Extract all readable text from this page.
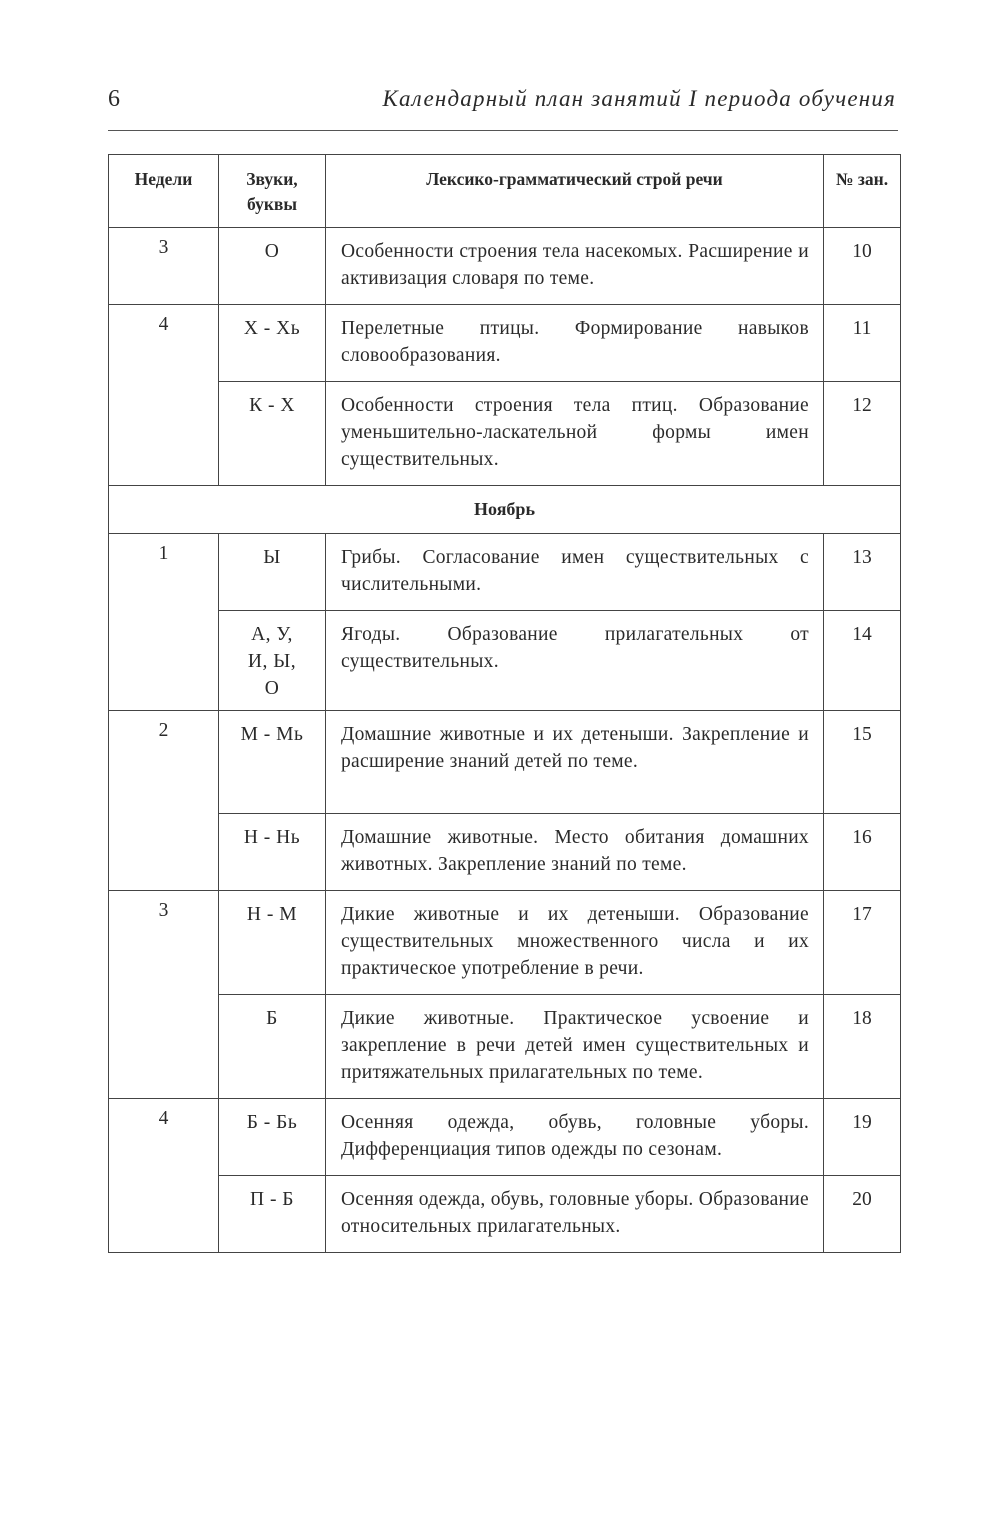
6	Календарный план занятий I периода обучения
Недели	Звуки, буквы	Лексико-грамматический строй речи	№ зан.
3	О	Особенности строения тела насекомых. Расширение и активизация словаря по теме.	10
4	Х - Хь	Перелетные птицы. Формирование навыков словообразования.	11
	К - Х	Особенности строения тела птиц. Образование уменьшительно-ласкательной формы имен существительных.	12
Ноябрь			
1	Ы	Грибы. Согласование имен существительных с числительными.	13
	А, У, И, Ы, О	Ягоды. Образование прилагательных от существительных.	14
2	М - Мь	Домашние животные и их детеныши. Закрепление и расширение знаний детей по теме.	15
	Н - Нь	Домашние животные. Место обитания домашних животных. Закрепление знаний по теме.	16
3	Н - М	Дикие животные и их детеныши. Образование существительных множественного числа и их практическое употребление в речи.	17
	Б	Дикие животные. Практическое усвоение и закрепление в речи детей имен существительных и притяжательных прилагательных по теме.	18
4	Б - Бь	Осенняя одежда, обувь, головные уборы. Дифференциация типов одежды по сезонам.	19
	П - Б	Осенняя одежда, обувь, головные уборы. Образование относительных прилагательных.	20
